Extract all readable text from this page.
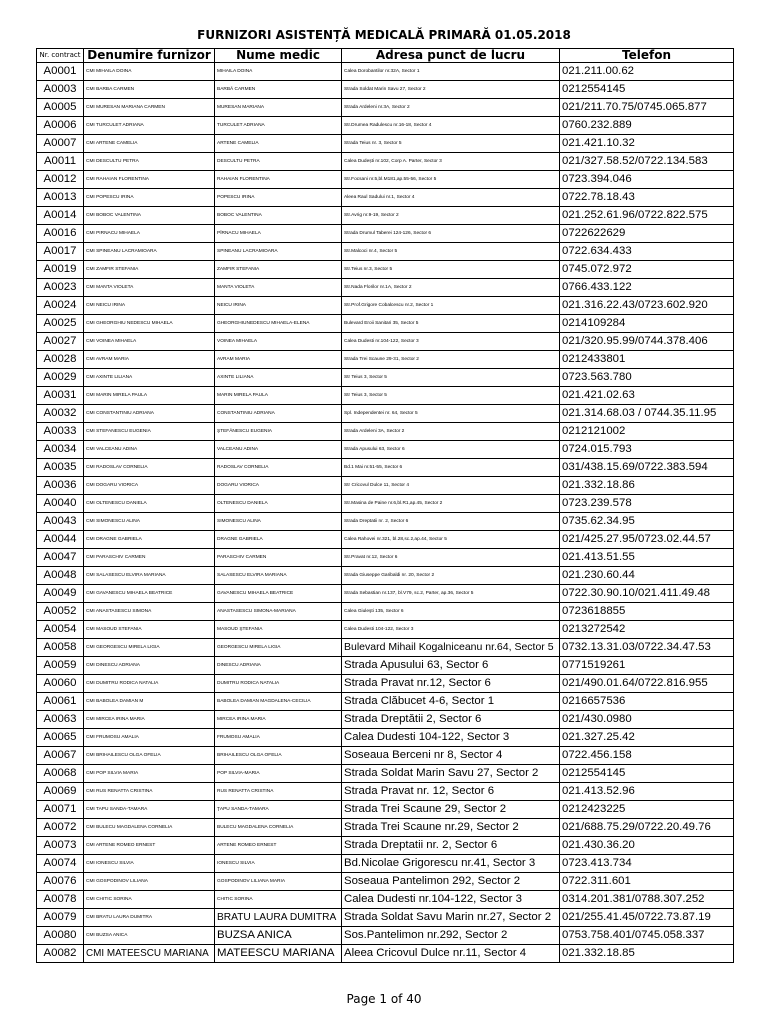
FURNIZORI ASISTENȚĂ MEDICALĂ PRIMARĂ 01.05.2018
Nr. contract	Denumire furnizor	Nume medic	Adresa punct de lucru	Telefon
A0001	CMI MIHAILA DOINA	MIHAILA DOINA	Calea Dorobantilor nr.32A, Sector 1	021.211.00.62
A0003	CMI BARBA CARMEN	BARBĂ CARMEN	Strada Soldat Marin Savu 27, Sector 2	0212554145
A0005	CMI MURESAN MARIANA CARMEN	MURESAN MARIANA	Strada Ardeleni nr.3A, Sector 2	021/211.70.75/0745.065.877
A0006	CMI TURCULET ADRIANA	TURCULET ADRIANA	Str.Drumea Radulescu nr.16-18, Sector 4	0760.232.889
A0007	CMI ARTENE CAMELIA	ARTENE CAMELIA	Strada Teius nr. 3, Sector 5	021.421.10.32
A0011	CMI DESCULTU PETRA	DESCULTU PETRA	Calea Dudești nr.102, Corp A. Parter, Sector 3	021/327.58.52/0722.134.583
A0012	CMI RAHAIAN FLORENTINA	RAHAIAN FLORENTINA	Str.Focsani nr.5,bl.M181,ap.55-56, Sector 5	0723.394.046
A0013	CMI POPESCU IRINA	POPESCU IRINA	Aleea Raul Sadului nr.1, Sector 4	0722.78.18.43
A0014	CMI BOBOC VALENTINA	BOBOC VALENTINA	Str.Avrig nr.9-19, Sector 2	021.252.61.96/0722.822.575
A0016	CMI PIRNACU MIHAELA	PÎRNACU MIHAELA	Strada Drumul Taberei 124-126, Sector 6	0722622629
A0017	CMI SPINEANU LACRAMIOARA	SPINEANU LACRAMIOARA	Str.Malcoci nr.4, Sector 5	0722.634.433
A0019	CMI ZAMFIR STEFANIA	ZAMFIR STEFANIA	Str.Teius nr.3, Sector 5	0745.072.972
A0023	CMI MANTA VIOLETA	MANTA VIOLETA	Str.Nada Florilor nr.1A, Sector 2	0766.433.122
A0024	CMI NEICU IRINA	NEICU IRINA	Str.Prof.Grigore Cobalcescu nr.2, Sector 1	021.316.22.43/0723.602.920
A0025	CMI GHEORGHIU NEDESCU MIHAELA	GHEORGHIUNEDESCU MIHAELA-ELENA	Bulevard Eroii Sanitari 35, Sector 5	0214109284
A0027	CMI VOINEA MIHAELA	VOINEA MIHAELA	Calea Dudesti nr.104-122, Sector 3	021/320.95.99/0744.378.406
A0028	CMI AVRAM MARIA	AVRAM MARIA	Strada Trei Scaune 29-31, Sector 2	0212433801
A0029	CMI AXINTE LILIANA	AXINTE LILIANA	Str Teius 3, Sector 5	0723.563.780
A0031	CMI MARIN MIRELA PAULA	MARIN MIRELA PAULA	Str Teius 3, Sector 5	021.421.02.63
A0032	CMI CONSTANTINIU ADRIANA	CONSTANTINIU ADRIANA	Spl. Independentei nr. 64, Sector 5	021.314.68.03 / 0744.35.11.95
A0033	CMI STEFANESCU EUGENIA	ŞTEFĂNESCU EUGENIA	Strada Ardeleni 3A, Sector 2	0212121002
A0034	CMI VALCEANU ADINA	VALCEANU ADINA	Strada Apusului 63, Sector 6	0724.015.793
A0035	CMI RADOSLAV CORNELIA	RADOSLAV CORNELIA	Bd.1 Mai nr.51-55, Sector 6	031/438.15.69/0722.383.594
A0036	CMI DOGARU VIORICA	DOGARU VIORICA	Str Cricovul Dulce 11, Sector 4	021.332.18.86
A0040	CMI OLTENESCU DANIELA	OLTENESCU DANIELA	Str.Masina de Paine nr.6,bl.R1,ap.45, Sector 2	0723.239.578
A0043	CMI SIMONESCU ALINA	SIMONESCU ALINA	Strada Dreptatii nr. 2, Sector 6	0735.62.34.95
A0044	CMI DRAGNE GABRIELA	DRAGNE GABRIELA	Calea Rahovei nr.321, bl.28,sc.2,ap.44, Sector 5	021/425.27.95/0723.02.44.57
A0047	CMI PARASCHIV CARMEN	PARASCHIV CARMEN	Str.Pravat nr.12, Sector 6	021.413.51.55
A0048	CMI SALASESCU ELVIRA MARIANA	SALASESCU ELVIRA MARIANA	Strada Giuseppe Garibaldi nr. 20, Sector 2	021.230.60.44
A0049	CMI GAVANESCU MIHAELA BEATRICE	GAVANESCU MIHAELA BEATRICE	Strada Sebastian nr.137, bl.V79, sc.2, Parter, ap.36, Sector 5	0722.30.90.10/021.411.49.48
A0052	CMI ANASTASESCU SIMONA	ANASTASESCU SIMONA-MARIANA	Calea Giuleşti 135, Sector 6	0723618855
A0054	CMI MASOUD STEFANIA	MASOUD ŞTEFANIA	Calea Dudesti 104-122, Sector 3	0213272542
A0058	CMI GEORGESCU MIRELA LIGIA	GEORGESCU MIRELA LIGIA	Bulevard Mihail Kogalniceanu nr.64, Sector 5	0732.13.31.03/0722.34.47.53
A0059	CMI DINESCU ADRIANA	DINESCU ADRIANA	Strada Apusului 63, Sector 6	0771519261
A0060	CMI DUMITRU RODICA NATALIA	DUMITRU RODICA NATALIA	Strada Pravat nr.12, Sector 6	021/490.01.64/0722.816.955
A0061	CMI BABOLEA DAMIAN M	BABOLEA DAMIAN MAGDALENA-CECILIA	Strada Clăbucet 4-6, Sector 1	0216657536
A0063	CMI MIRCEA IRINA MARIA	MIRCEA IRINA MARIA	Strada Dreptătii 2, Sector 6	021/430.0980
A0065	CMI FRUMOSU AMALIA	FRUMOSU AMALIA	Calea Dudesti 104-122, Sector 3	021.327.25.42
A0067	CMI BRIHAILESCU OLGA OFELIA	BRIHAILESCU OLGA OFELIA	Soseaua Berceni nr 8, Sector 4	0722.456.158
A0068	CMI POP SILVIA MARIA	POP SILVIA-MARIA	Strada Soldat Marin Savu 27, Sector 2	0212554145
A0069	CMI RUS RENATTA CRISTINA	RUS RENATTA CRISTINA	Strada Pravat nr. 12, Sector 6	021.413.52.96
A0071	CMI TAPU SANDA-TAMARA	ŢAPU SANDA-TAMARA	Strada Trei Scaune 29, Sector 2	0212423225
A0072	CMI BULECU MAGDALENA CORNELIA	BULECU MAGDALENA CORNELIA	Strada Trei Scaune nr.29, Sector 2	021/688.75.29/0722.20.49.76
A0073	CMI ARTENE ROMEO ERNEST	ARTENE ROMEO ERNEST	Strada Dreptatii nr. 2, Sector 6	021.430.36.20
A0074	CMI IONESCU SILVIA	IONESCU SILVIA	Bd.Nicolae Grigorescu nr.41, Sector 3	0723.413.734
A0076	CMI GOSPODINOV LILIANA	GOSPODINOV LILIANA MARIA	Soseaua Pantelimon 292, Sector 2	0722.311.601
A0078	CMI CHITIC SORINA	CHITIC SORINA	Calea Dudesti nr.104-122, Sector 3	0314.201.381/0788.307.252
A0079	CMI BRATU LAURA DUMITRA	BRATU LAURA DUMITRA	Strada Soldat Savu Marin nr.27, Sector 2	021/255.41.45/0722.73.87.19
A0080	CMI BUZSA ANICA	BUZSA ANICA	Sos.Pantelimon nr.292, Sector 2	0753.758.401/0745.058.337
A0082	CMI MATEESCU MARIANA	MATEESCU MARIANA	Aleea Cricovul Dulce nr.11, Sector 4	021.332.18.85
Page 1 of 40
